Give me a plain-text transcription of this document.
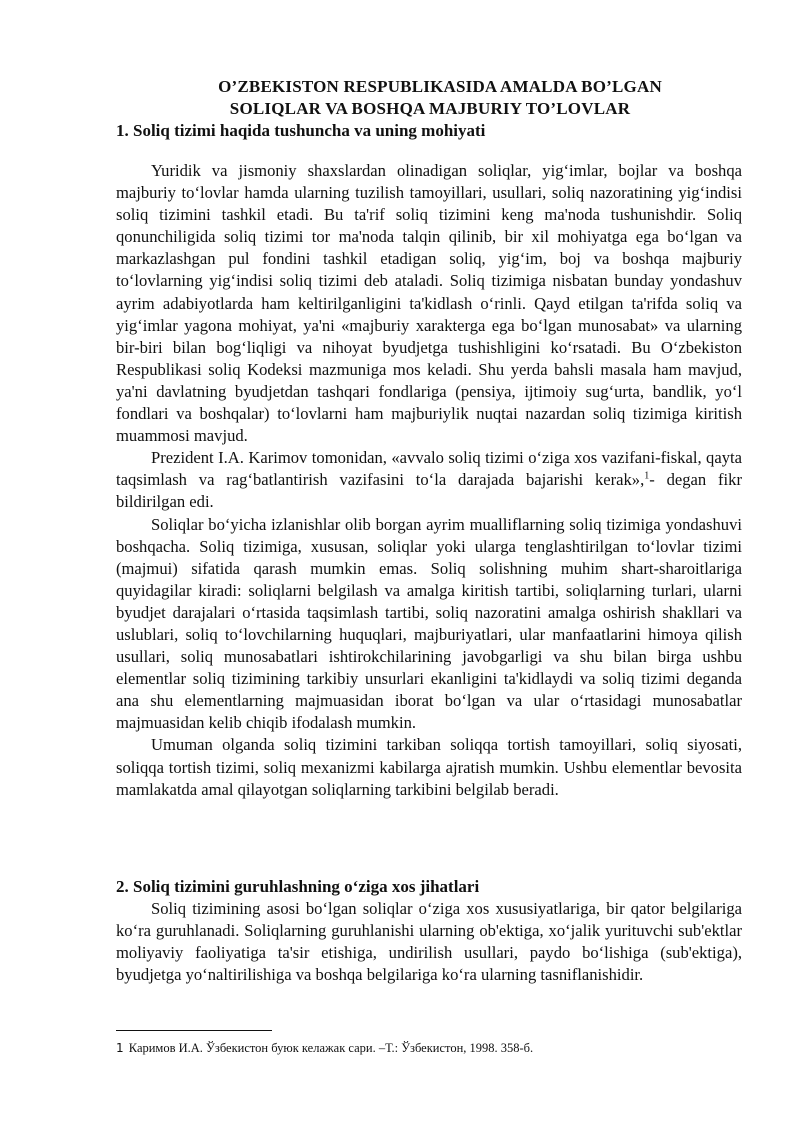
O’ZBEKISTON RESPUBLIKASIDA AMALDA BO’LGAN
SOLIQLAR VA BOSHQA MAJBURIY TO’LOVLAR
1. Soliq tizimi haqida tushuncha va uning mohiyati

Yuridik va jismoniy shaxslardan olinadigan soliqlar, yig‘imlar, bojlar va boshqa majburiy to‘lovlar hamda ularning tuzilish tamoyillari, usullari, soliq nazoratining yig‘indisi soliq tizimini tashkil etadi. Bu ta'rif soliq tizimini keng ma'noda tushunishdir. Soliq qonunchiligida soliq tizimi tor ma'noda talqin qilinib, bir xil mohiyatga ega bo‘lgan va markazlashgan pul fondini tashkil etadigan soliq, yig‘im, boj va boshqa majburiy to‘lovlarning yig‘indisi soliq tizimi deb ataladi. Soliq tizimiga nisbatan bunday yondashuv ayrim adabiyotlarda ham keltirilganligini ta'kidlash o‘rinli. Qayd etilgan ta'rifda soliq va yig‘imlar yagona mohiyat, ya'ni «majburiy xarakterga ega bo‘lgan munosabat» va ularning bir-biri bilan bog‘liqligi va nihoyat byudjetga tushishligini ko‘rsatadi. Bu O‘zbekiston Respublikasi soliq Kodeksi mazmuniga mos keladi. Shu yerda bahsli masala ham mavjud, ya'ni davlatning byudjetdan tashqari fondlariga (pensiya, ijtimoiy sug‘urta, bandlik, yo‘l fondlari va boshqalar) to‘lovlarni ham majburiylik nuqtai nazardan soliq tizimiga kiritish muammosi mavjud.

Prezident I.A. Karimov tomonidan, «avvalo soliq tizimi o‘ziga xos vazifani-fiskal, qayta taqsimlash va rag‘batlantirish vazifasini to‘la darajada bajarishi kerak»,$^1$- degan fikr bildirilgan edi.

Soliqlar bo‘yicha izlanishlar olib borgan ayrim mualliflarning soliq tizimiga yondashuvi boshqacha. Soliq tizimiga, xususan, soliqlar yoki ularga tenglashtirilgan to‘lovlar tizimi (majmui) sifatida qarash mumkin emas. Soliq solishning muhim shart-sharoitlariga quyidagilar kiradi: soliqlarni belgilash va amalga kiritish tartibi, soliqlarning turlari, ularni byudjet darajalari o‘rtasida taqsimlash tartibi, soliq nazoratini amalga oshirish shakllari va uslublari, soliq to‘lovchilarning huquqlari, majburiyatlari, ular manfaatlarini himoya qilish usullari, soliq munosabatlari ishtirokchilarining javobgarligi va shu bilan birga ushbu elementlar soliq tizimining tarkibiy unsurlari ekanligini ta'kidlaydi va soliq tizimi deganda ana shu elementlarning majmuasidan iborat bo‘lgan va ular o‘rtasidagi munosabatlar majmuasidan kelib chiqib ifodalash mumkin.

Umuman olganda soliq tizimini tarkiban soliqqa tortish tamoyillari, soliq siyosati, soliqqa tortish tizimi, soliq mexanizmi kabilarga ajratish mumkin. Ushbu elementlar bevosita mamlakatda amal qilayotgan soliqlarning tarkibini belgilab beradi.

2. Soliq tizimini guruhlashning o‘ziga xos jihatlari

Soliq tizimining asosi bo‘lgan soliqlar o‘ziga xos xususiyatlariga, bir qator belgilariga ko‘ra guruhlanadi. Soliqlarning guruhlanishi ularning ob'ektiga, xo‘jalik yurituvchi sub'ektlar moliyaviy faoliyatiga ta'sir etishiga, undirilish usullari, paydo bo‘lishiga (sub'ektiga), byudjetga yo‘naltirilishiga va boshqa belgilariga ko‘ra ularning tasniflanishidir.

1 Каримов И.А. Ўзбекистон буюк келажак сари. –Т.: Ўзбекистон, 1998. 358-б.
